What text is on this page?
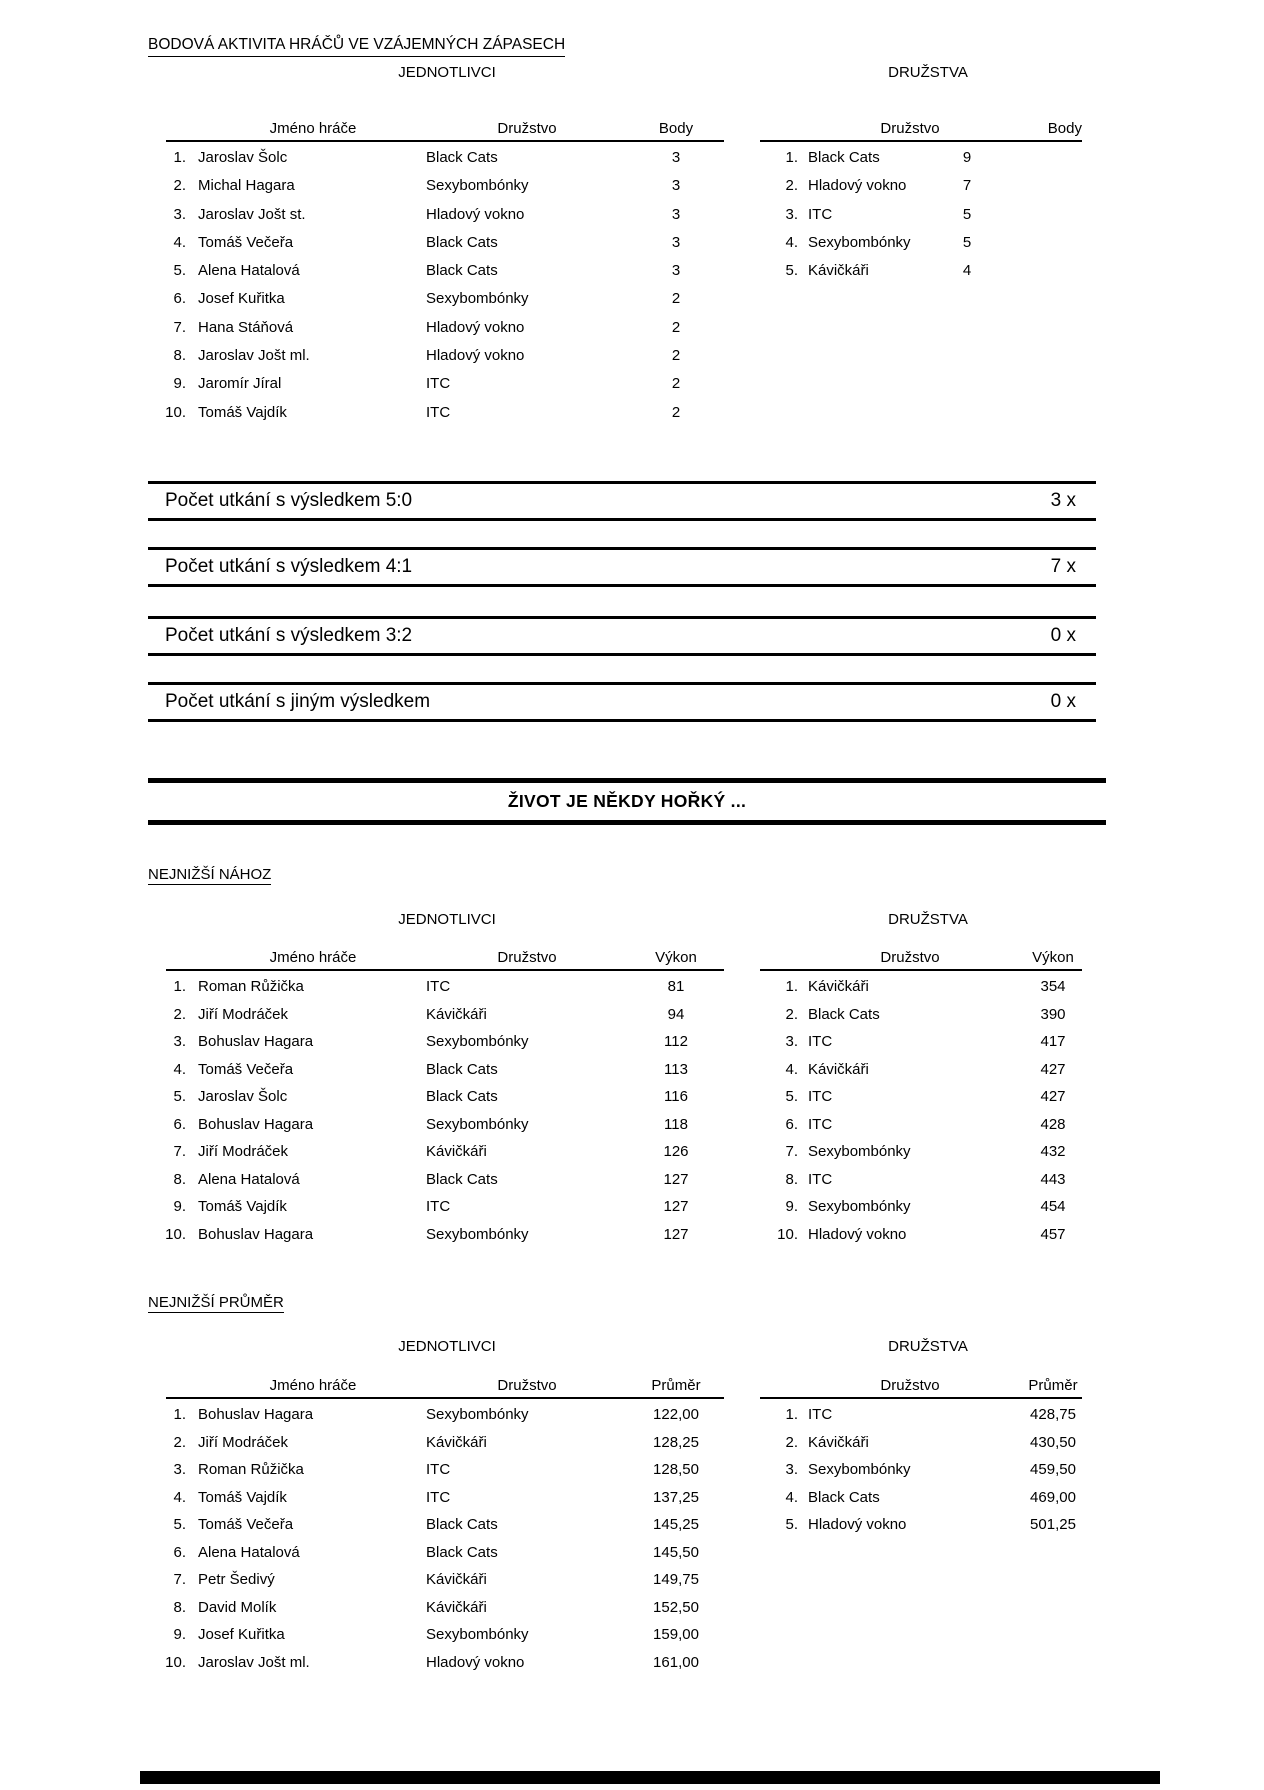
BODOVÁ AKTIVITA HRÁČŮ VE VZÁJEMNÝCH ZÁPASECH
JEDNOTLIVCI	DRUŽSTVA
Jméno hráče	Družstvo	Body
1. Jaroslav Šolc	Black Cats	3
2. Michal Hagara	Sexybombónky	3
3. Jaroslav Jošt st.	Hladový vokno	3
4. Tomáš Večeřa	Black Cats	3
5. Alena Hatalová	Black Cats	3
6. Josef Kuřitka	Sexybombónky	2
7. Hana Stáňová	Hladový vokno	2
8. Jaroslav Jošt ml.	Hladový vokno	2
9. Jaromír Jíral	ITC	2
10. Tomáš Vajdík	ITC	2
Družstvo	Body
1. Black Cats	9
2. Hladový vokno	7
3. ITC	5
4. Sexybombónky	5
5. Kávičkáři	4
Počet utkání s výsledkem 5:0	3 x
Počet utkání s výsledkem 4:1	7 x
Počet utkání s výsledkem 3:2	0 x
Počet utkání s jiným výsledkem	0 x
ŽIVOT JE NĚKDY HOŘKÝ ...
NEJNIŽŠÍ NÁHOZ
JEDNOTLIVCI	DRUŽSTVA
Jméno hráče	Družstvo	Výkon
1. Roman Růžička	ITC	81
2. Jiří Modráček	Kávičkáři	94
3. Bohuslav Hagara	Sexybombónky	112
4. Tomáš Večeřa	Black Cats	113
5. Jaroslav Šolc	Black Cats	116
6. Bohuslav Hagara	Sexybombónky	118
7. Jiří Modráček	Kávičkáři	126
8. Alena Hatalová	Black Cats	127
9. Tomáš Vajdík	ITC	127
10. Bohuslav Hagara	Sexybombónky	127
Družstvo	Výkon
1. Kávičkáři	354
2. Black Cats	390
3. ITC	417
4. Kávičkáři	427
5. ITC	427
6. ITC	428
7. Sexybombónky	432
8. ITC	443
9. Sexybombónky	454
10. Hladový vokno	457
NEJNIŽŠÍ PRŮMĚR
JEDNOTLIVCI	DRUŽSTVA
Jméno hráče	Družstvo	Průměr
1. Bohuslav Hagara	Sexybombónky	122,00
2. Jiří Modráček	Kávičkáři	128,25
3. Roman Růžička	ITC	128,50
4. Tomáš Vajdík	ITC	137,25
5. Tomáš Večeřa	Black Cats	145,25
6. Alena Hatalová	Black Cats	145,50
7. Petr Šedivý	Kávičkáři	149,75
8. David Molík	Kávičkáři	152,50
9. Josef Kuřitka	Sexybombónky	159,00
10. Jaroslav Jošt ml.	Hladový vokno	161,00
Družstvo	Průměr
1. ITC	428,75
2. Kávičkáři	430,50
3. Sexybombónky	459,50
4. Black Cats	469,00
5. Hladový vokno	501,25
